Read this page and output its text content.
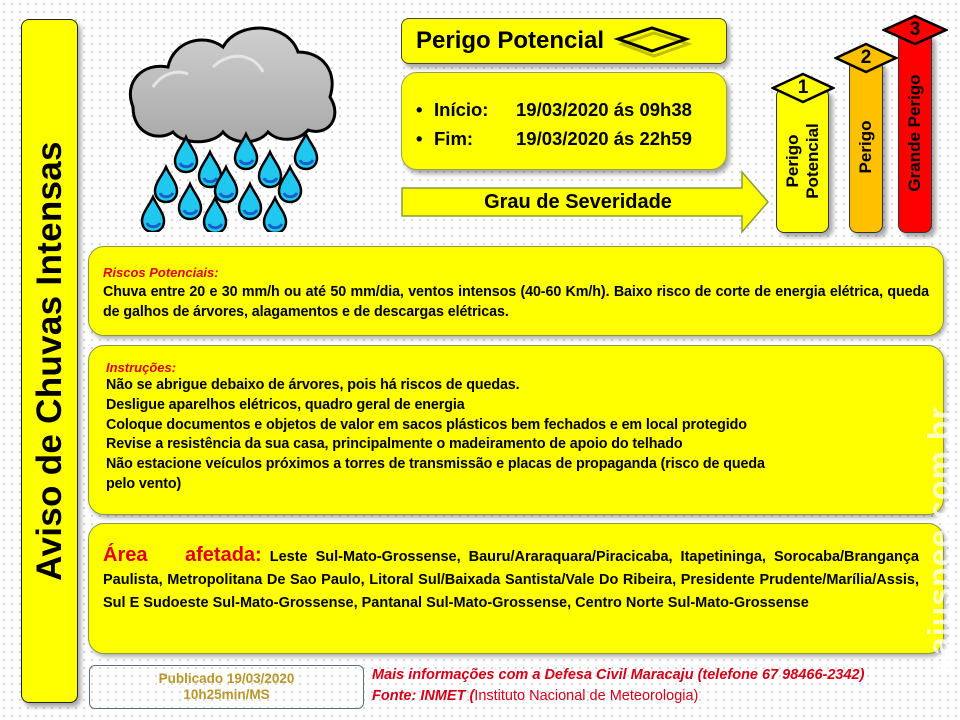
Aviso de Chuvas Intensas
Perigo Potencial
• Início:	19/03/2020 ás 09h38
• Fim:	19/03/2020 ás 22h59
Grau de Severidade
Perigo
Potencial
1
Perigo
2
Grande Perigo
3
Riscos Potenciais:
Chuva entre 20 e 30 mm/h ou até 50 mm/dia, ventos intensos (40-60 Km/h). Baixo risco de corte de energia elétrica, queda de galhos de árvores, alagamentos e de descargas elétricas.
Instruções:
Não se abrigue debaixo de árvores, pois há riscos de quedas.
Desligue aparelhos elétricos, quadro geral de energia
Coloque documentos e objetos de valor em sacos plásticos bem fechados e em local protegido
Revise a resistência da sua casa, principalmente o madeiramento de apoio do telhado
Não estacione veículos próximos a torres de transmissão e placas de propaganda (risco de queda
pelo vento)
Área afetada: Leste Sul-Mato-Grossense, Bauru/Araraquara/Piracicaba, Itapetininga, Sorocaba/Brangança Paulista, Metropolitana De Sao Paulo, Litoral Sul/Baixada Santista/Vale Do Ribeira, Presidente Prudente/Marília/Assis, Sul E Sudoeste Sul-Mato-Grossense, Pantanal Sul-Mato-Grossense, Centro Norte Sul-Mato-Grossense	caiuspee.com.br
Publicado 19/03/2020
10h25min/MS
Mais informações com a Defesa Civil Maracaju (telefone 67 98466-2342)
Fonte: INMET (Instituto Nacional de Meteorologia)
